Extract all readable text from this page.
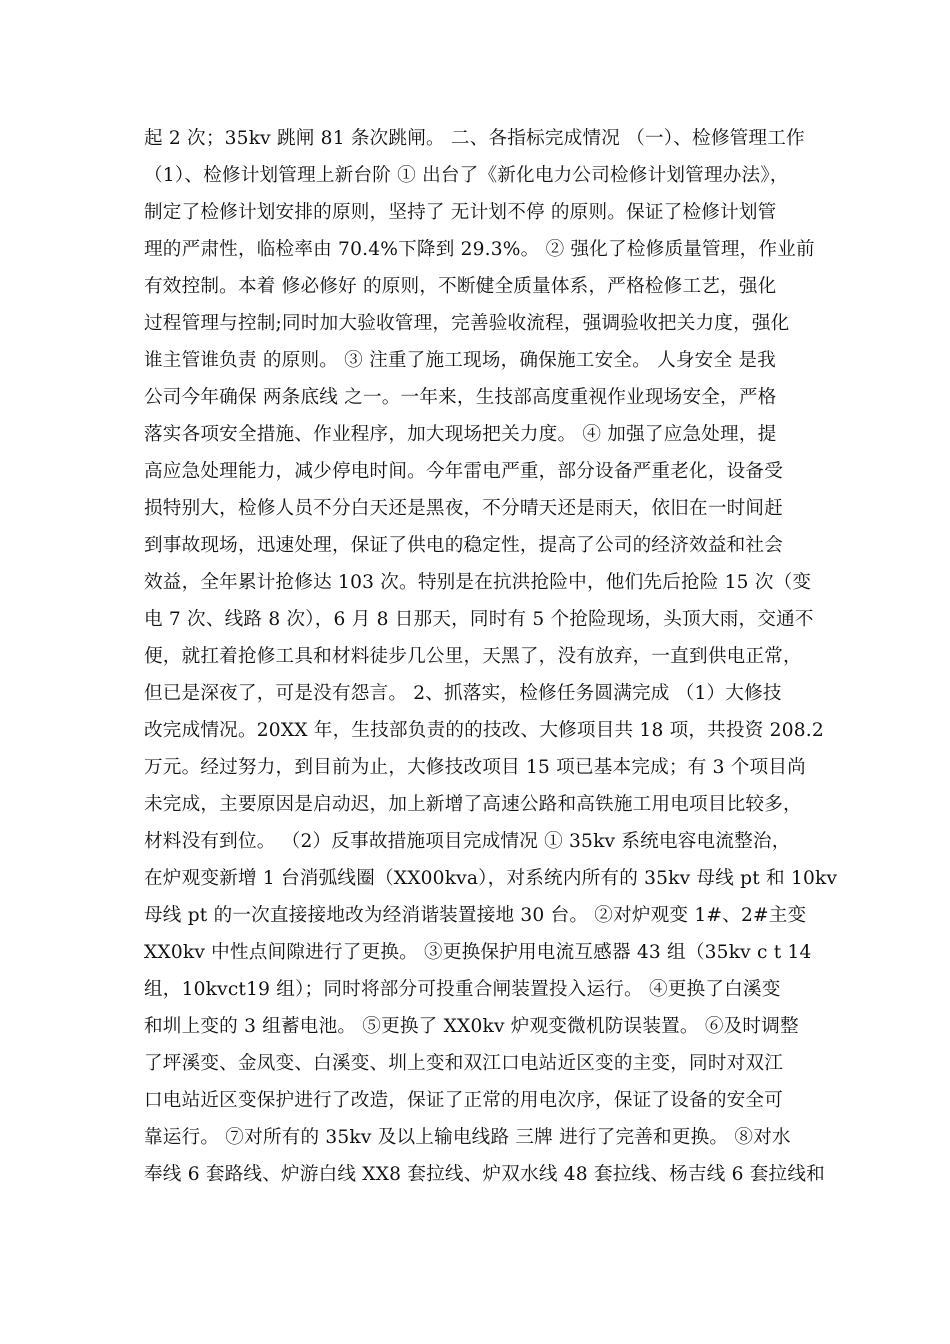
起 2 次；35kv 跳闸 81 条次跳闸。 二、各指标完成情况 （一）、检修管理工作
（1）、检修计划管理上新台阶 ① 出台了《新化电力公司检修计划管理办法》，
制定了检修计划安排的原则，坚持了 无计划不停 的原则。保证了检修计划管
理的严肃性，临检率由 70.4%下降到 29.3%。 ② 强化了检修质量管理，作业前
有效控制。本着 修必修好 的原则，不断健全质量体系，严格检修工艺，强化
过程管理与控制;同时加大验收管理，完善验收流程，强调验收把关力度，强化
谁主管谁负责 的原则。 ③ 注重了施工现场，确保施工安全。 人身安全 是我
公司今年确保 两条底线 之一。一年来，生技部高度重视作业现场安全，严格
落实各项安全措施、作业程序，加大现场把关力度。 ④ 加强了应急处理，提
高应急处理能力，减少停电时间。今年雷电严重，部分设备严重老化，设备受
损特别大，检修人员不分白天还是黑夜，不分晴天还是雨天，依旧在一时间赶
到事故现场，迅速处理，保证了供电的稳定性，提高了公司的经济效益和社会
效益，全年累计抢修达 103 次。特别是在抗洪抢险中，他们先后抢险 15 次（变
电 7 次、线路 8 次），6 月 8 日那天，同时有 5 个抢险现场，头顶大雨，交通不
便，就扛着抢修工具和材料徒步几公里，天黑了，没有放弃，一直到供电正常，
但已是深夜了，可是没有怨言。 2、抓落实，检修任务圆满完成 （1）大修技
改完成情况。20XX 年，生技部负责的的技改、大修项目共 18 项，共投资 208.2
万元。经过努力，到目前为止，大修技改项目 15 项已基本完成；有 3 个项目尚
未完成，主要原因是启动迟，加上新增了高速公路和高铁施工用电项目比较多，
材料没有到位。 （2）反事故措施项目完成情况 ① 35kv 系统电容电流整治，
在炉观变新增 1 台消弧线圈（XX00kva），对系统内所有的 35kv 母线 pt 和 10kv
母线 pt 的一次直接接地改为经消谐装置接地 30 台。 ②对炉观变 1#、2#主变
XX0kv 中性点间隙进行了更换。 ③更换保护用电流互感器 43 组（35kv c t 14
组，10kvct19 组）；同时将部分可投重合闸装置投入运行。 ④更换了白溪变
和圳上变的 3 组蓄电池。 ⑤更换了 XX0kv 炉观变微机防误装置。 ⑥及时调整
了坪溪变、金凤变、白溪变、圳上变和双江口电站近区变的主变，同时对双江
口电站近区变保护进行了改造，保证了正常的用电次序，保证了设备的安全可
靠运行。 ⑦对所有的 35kv 及以上输电线路 三牌 进行了完善和更换。 ⑧对水
奉线 6 套路线、炉游白线 XX8 套拉线、炉双水线 48 套拉线、杨吉线 6 套拉线和
